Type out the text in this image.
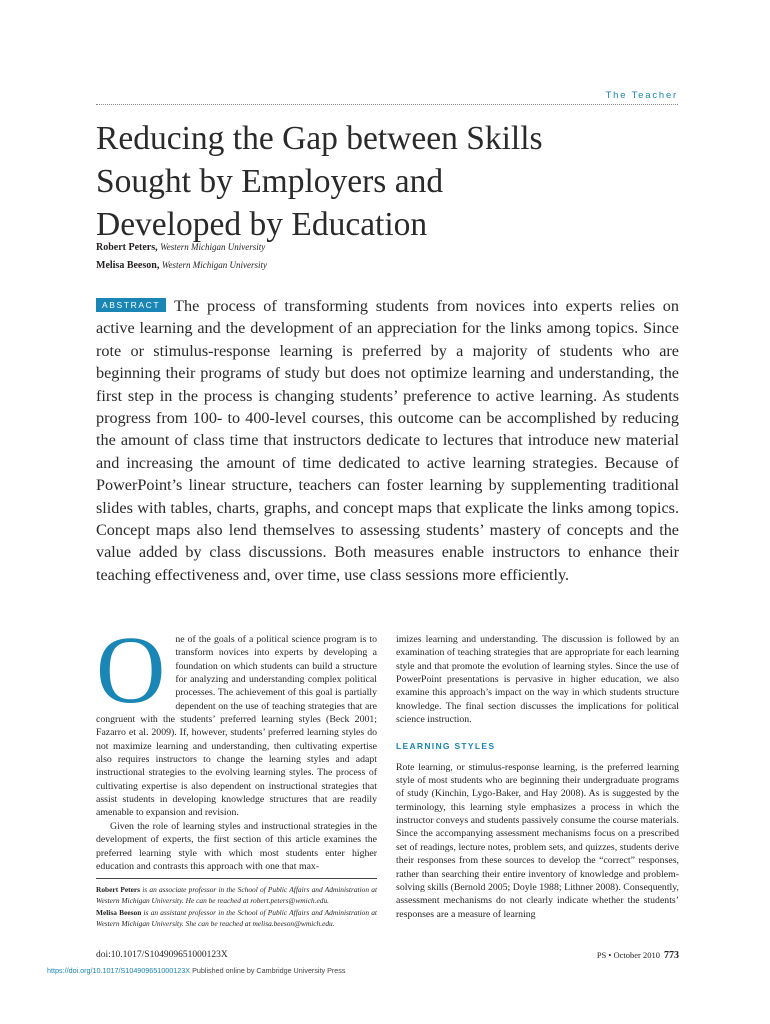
The Teacher
Reducing the Gap between Skills
Sought by Employers and
Developed by Education
Robert Peters, Western Michigan University
Melisa Beeson, Western Michigan University
ABSTRACT The process of transforming students from novices into experts relies on active learning and the development of an appreciation for the links among topics. Since rote or stimulus-response learning is preferred by a majority of students who are beginning their programs of study but does not optimize learning and understanding, the first step in the process is changing students’ preference to active learning. As students progress from 100- to 400-level courses, this outcome can be accomplished by reducing the amount of class time that instructors dedicate to lectures that introduce new material and increasing the amount of time dedicated to active learning strategies. Because of PowerPoint’s linear structure, teachers can foster learning by supplementing traditional slides with tables, charts, graphs, and concept maps that explicate the links among topics. Concept maps also lend themselves to assessing students’ mastery of concepts and the value added by class discussions. Both measures enable instructors to enhance their teaching effectiveness and, over time, use class sessions more efficiently.

O ne of the goals of a political science program is to transform novices into experts by developing a foundation on which students can build a structure for analyzing and understanding complex political processes. The achievement of this goal is partially dependent on the use of teaching strategies that are congruent with the students’ preferred learning styles (Beck 2001; Fazarro et al. 2009). If, however, students’ preferred learning styles do not maximize learning and understanding, then cultivating expertise also requires instructors to change the learning styles and adapt instructional strategies to the evolving learning styles. The process of cultivating expertise is also dependent on instructional strategies that assist students in developing knowledge structures that are readily amenable to expansion and revision.

Given the role of learning styles and instructional strategies in the development of experts, the first section of this article examines the preferred learning style with which most students enter higher education and contrasts this approach with one that max-

imizes learning and understanding. The discussion is followed by an examination of teaching strategies that are appropriate for each learning style and that promote the evolution of learning styles. Since the use of PowerPoint presentations is pervasive in higher education, we also examine this approach’s impact on the way in which students structure knowledge. The final section discusses the implications for political science instruction.

LEARNING STYLES

Rote learning, or stimulus-response learning, is the preferred learning style of most students who are beginning their undergraduate programs of study (Kinchin, Lygo-Baker, and Hay 2008). As is suggested by the terminology, this learning style emphasizes a process in which the instructor conveys and students passively consume the course materials. Since the accompanying assessment mechanisms focus on a prescribed set of readings, lecture notes, problem sets, and quizzes, students derive their responses from these sources to develop the “correct” responses, rather than searching their entire inventory of knowledge and problem-solving skills (Bernold 2005; Doyle 1988; Lithner 2008). Consequently, assessment mechanisms do not clearly indicate whether the students’ responses are a measure of learning

Robert Peters is an associate professor in the School of Public Affairs and Administration at Western Michigan University. He can be reached at robert.peters@wmich.edu.

Melisa Beeson is an assistant professor in the School of Public Affairs and Administration at Western Michigan University. She can be reached at melisa.beeson@wmich.edu.

doi:10.1017/S104909651000123X	PS • October 2010 773
https://doi.org/10.1017/S104909651000123X Published online by Cambridge University Press
